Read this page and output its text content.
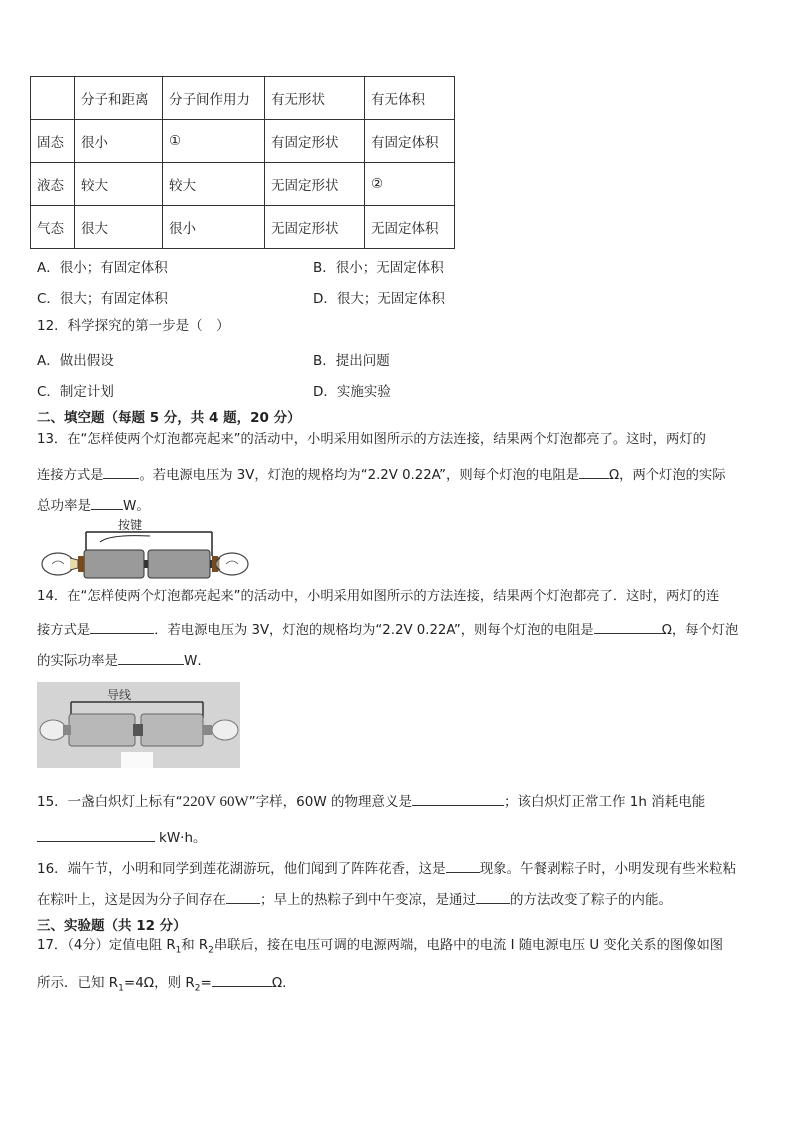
	分子和距离	分子间作用力	有无形状	有无体积
固态	很小	①	有固定形状	有固定体积
液态	较大	较大	无固定形状	②
气态	很大	很小	无固定形状	无固定体积
A．很小；有固定体积	B．很小；无固定体积
C．很大；有固定体积	D．很大；无固定体积
12．科学探究的第一步是（　）
A．做出假设	B．提出问题
C．制定计划	D．实施实验
二、填空题（每题 5 分，共 4 题，20 分）
13．在“怎样使两个灯泡都亮起来”的活动中，小明采用如图所示的方法连接，结果两个灯泡都亮了。这时，两灯的
连接方式是	。若电源电压为 3V，灯泡的规格均为“2.2V 0.22A”，则每个灯泡的电阻是 Ω，两个灯泡的实际
总功率是 W。
按键
14．在“怎样使两个灯泡都亮起来”的活动中，小明采用如图所示的方法连接，结果两个灯泡都亮了．这时，两灯的连
接方式是	．若电源电压为 3V，灯泡的规格均为“2.2V 0.22A”，则每个灯泡的电阻是	Ω，每个灯泡
的实际功率是	W．
导线
15．一盏白炽灯上标有“220V 60W”字样，60W 的物理意义是	；该白炽灯正常工作 1h 消耗电能
kW·h。
16．端午节，小明和同学到莲花湖游玩，他们闻到了阵阵花香，这是	现象。午餐剥粽子时，小明发现有些米粒粘
在粽叶上，这是因为分子间存在	；早上的热粽子到中午变凉，是通过	的方法改变了粽子的内能。
三、实验题（共 12 分）
17．（4分）定值电阻 $R_1$和 $R_2$串联后，接在电压可调的电源两端，电路中的电流 I 随电源电压 U 变化关系的图像如图
所示．已知 $R_1=4\Omega$，则 $R_2=$	Ω.
